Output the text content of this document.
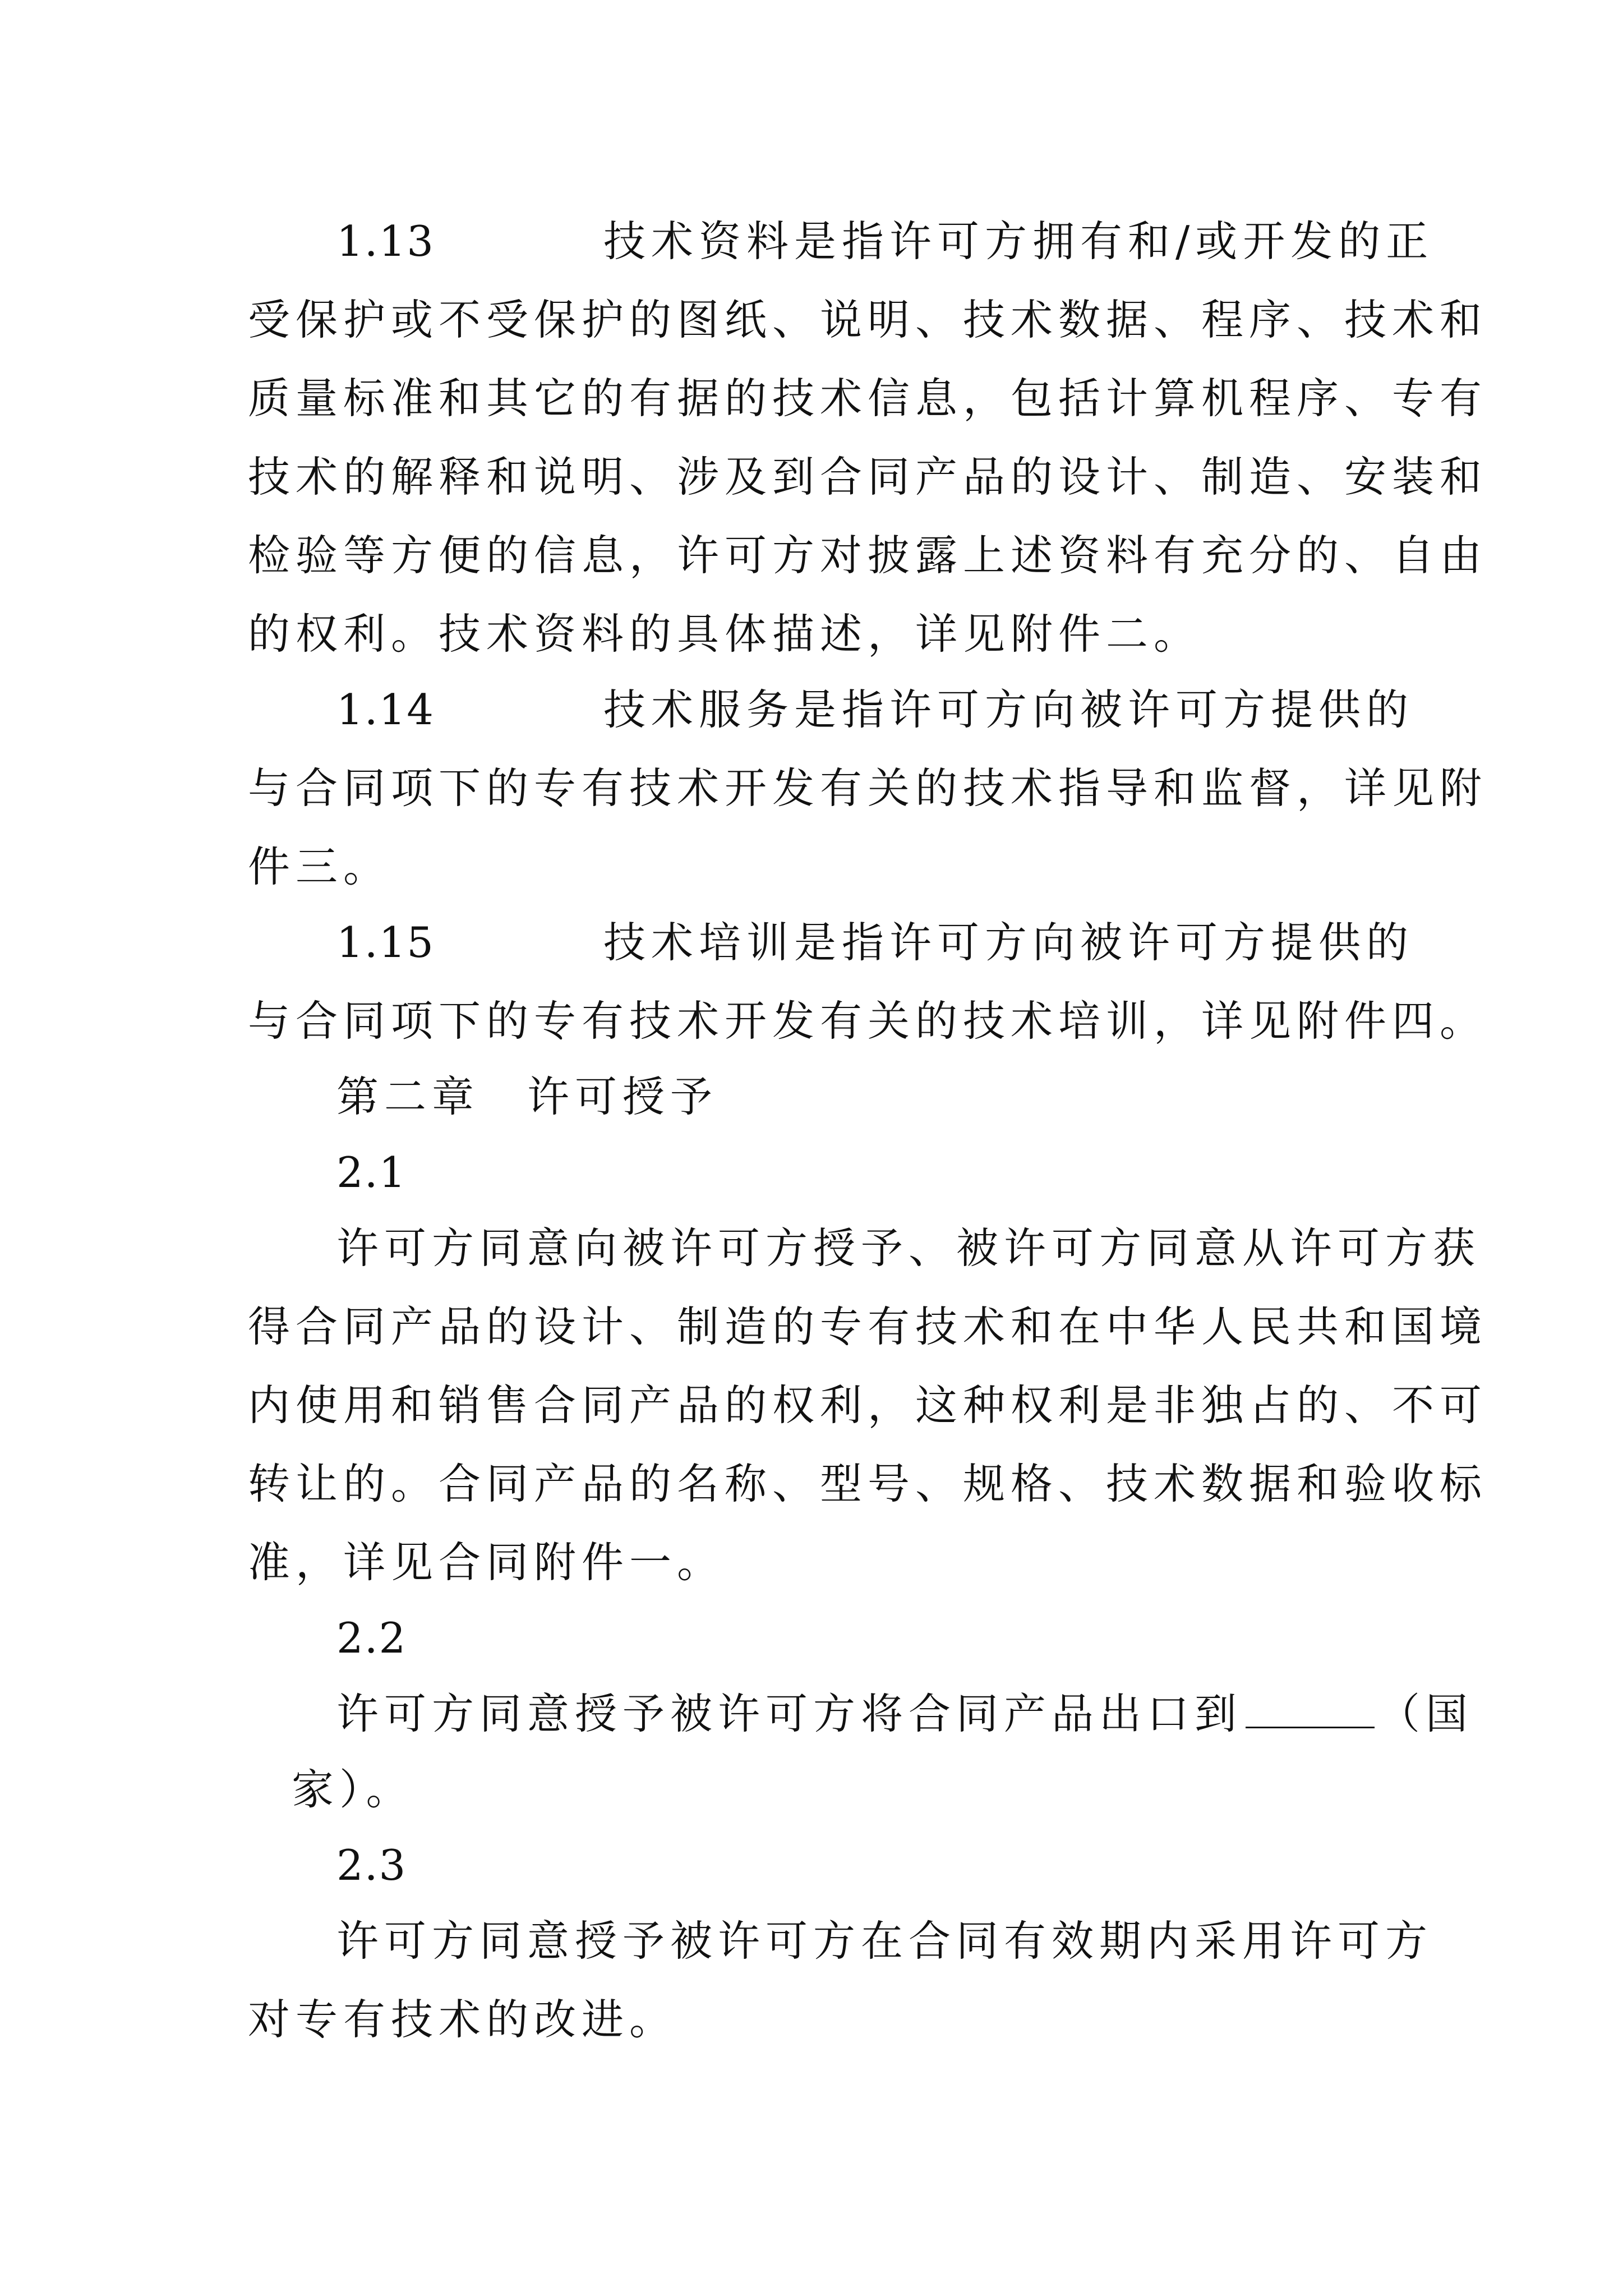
1.13	技术资料是指许可方拥有和/或开发的正
受保护或不受保护的图纸、说明、技术数据、程序、技术和
质量标准和其它的有据的技术信息，包括计算机程序、专有
技术的解释和说明、涉及到合同产品的设计、制造、安装和
检验等方便的信息，许可方对披露上述资料有充分的、自由
的权利。技术资料的具体描述，详见附件二。
1.14	技术服务是指许可方向被许可方提供的
与合同项下的专有技术开发有关的技术指导和监督，详见附
件三。
1.15	技术培训是指许可方向被许可方提供的
与合同项下的专有技术开发有关的技术培训，详见附件四。
第二章　许可授予
2.1
许可方同意向被许可方授予、被许可方同意从许可方获
得合同产品的设计、制造的专有技术和在中华人民共和国境
内使用和销售合同产品的权利，这种权利是非独占的、不可
转让的。合同产品的名称、型号、规格、技术数据和验收标
准，详见合同附件一。
2.2
许可方同意授予被许可方将合同产品出口到	（国
家）。
2.3
许可方同意授予被许可方在合同有效期内采用许可方
对专有技术的改进。
